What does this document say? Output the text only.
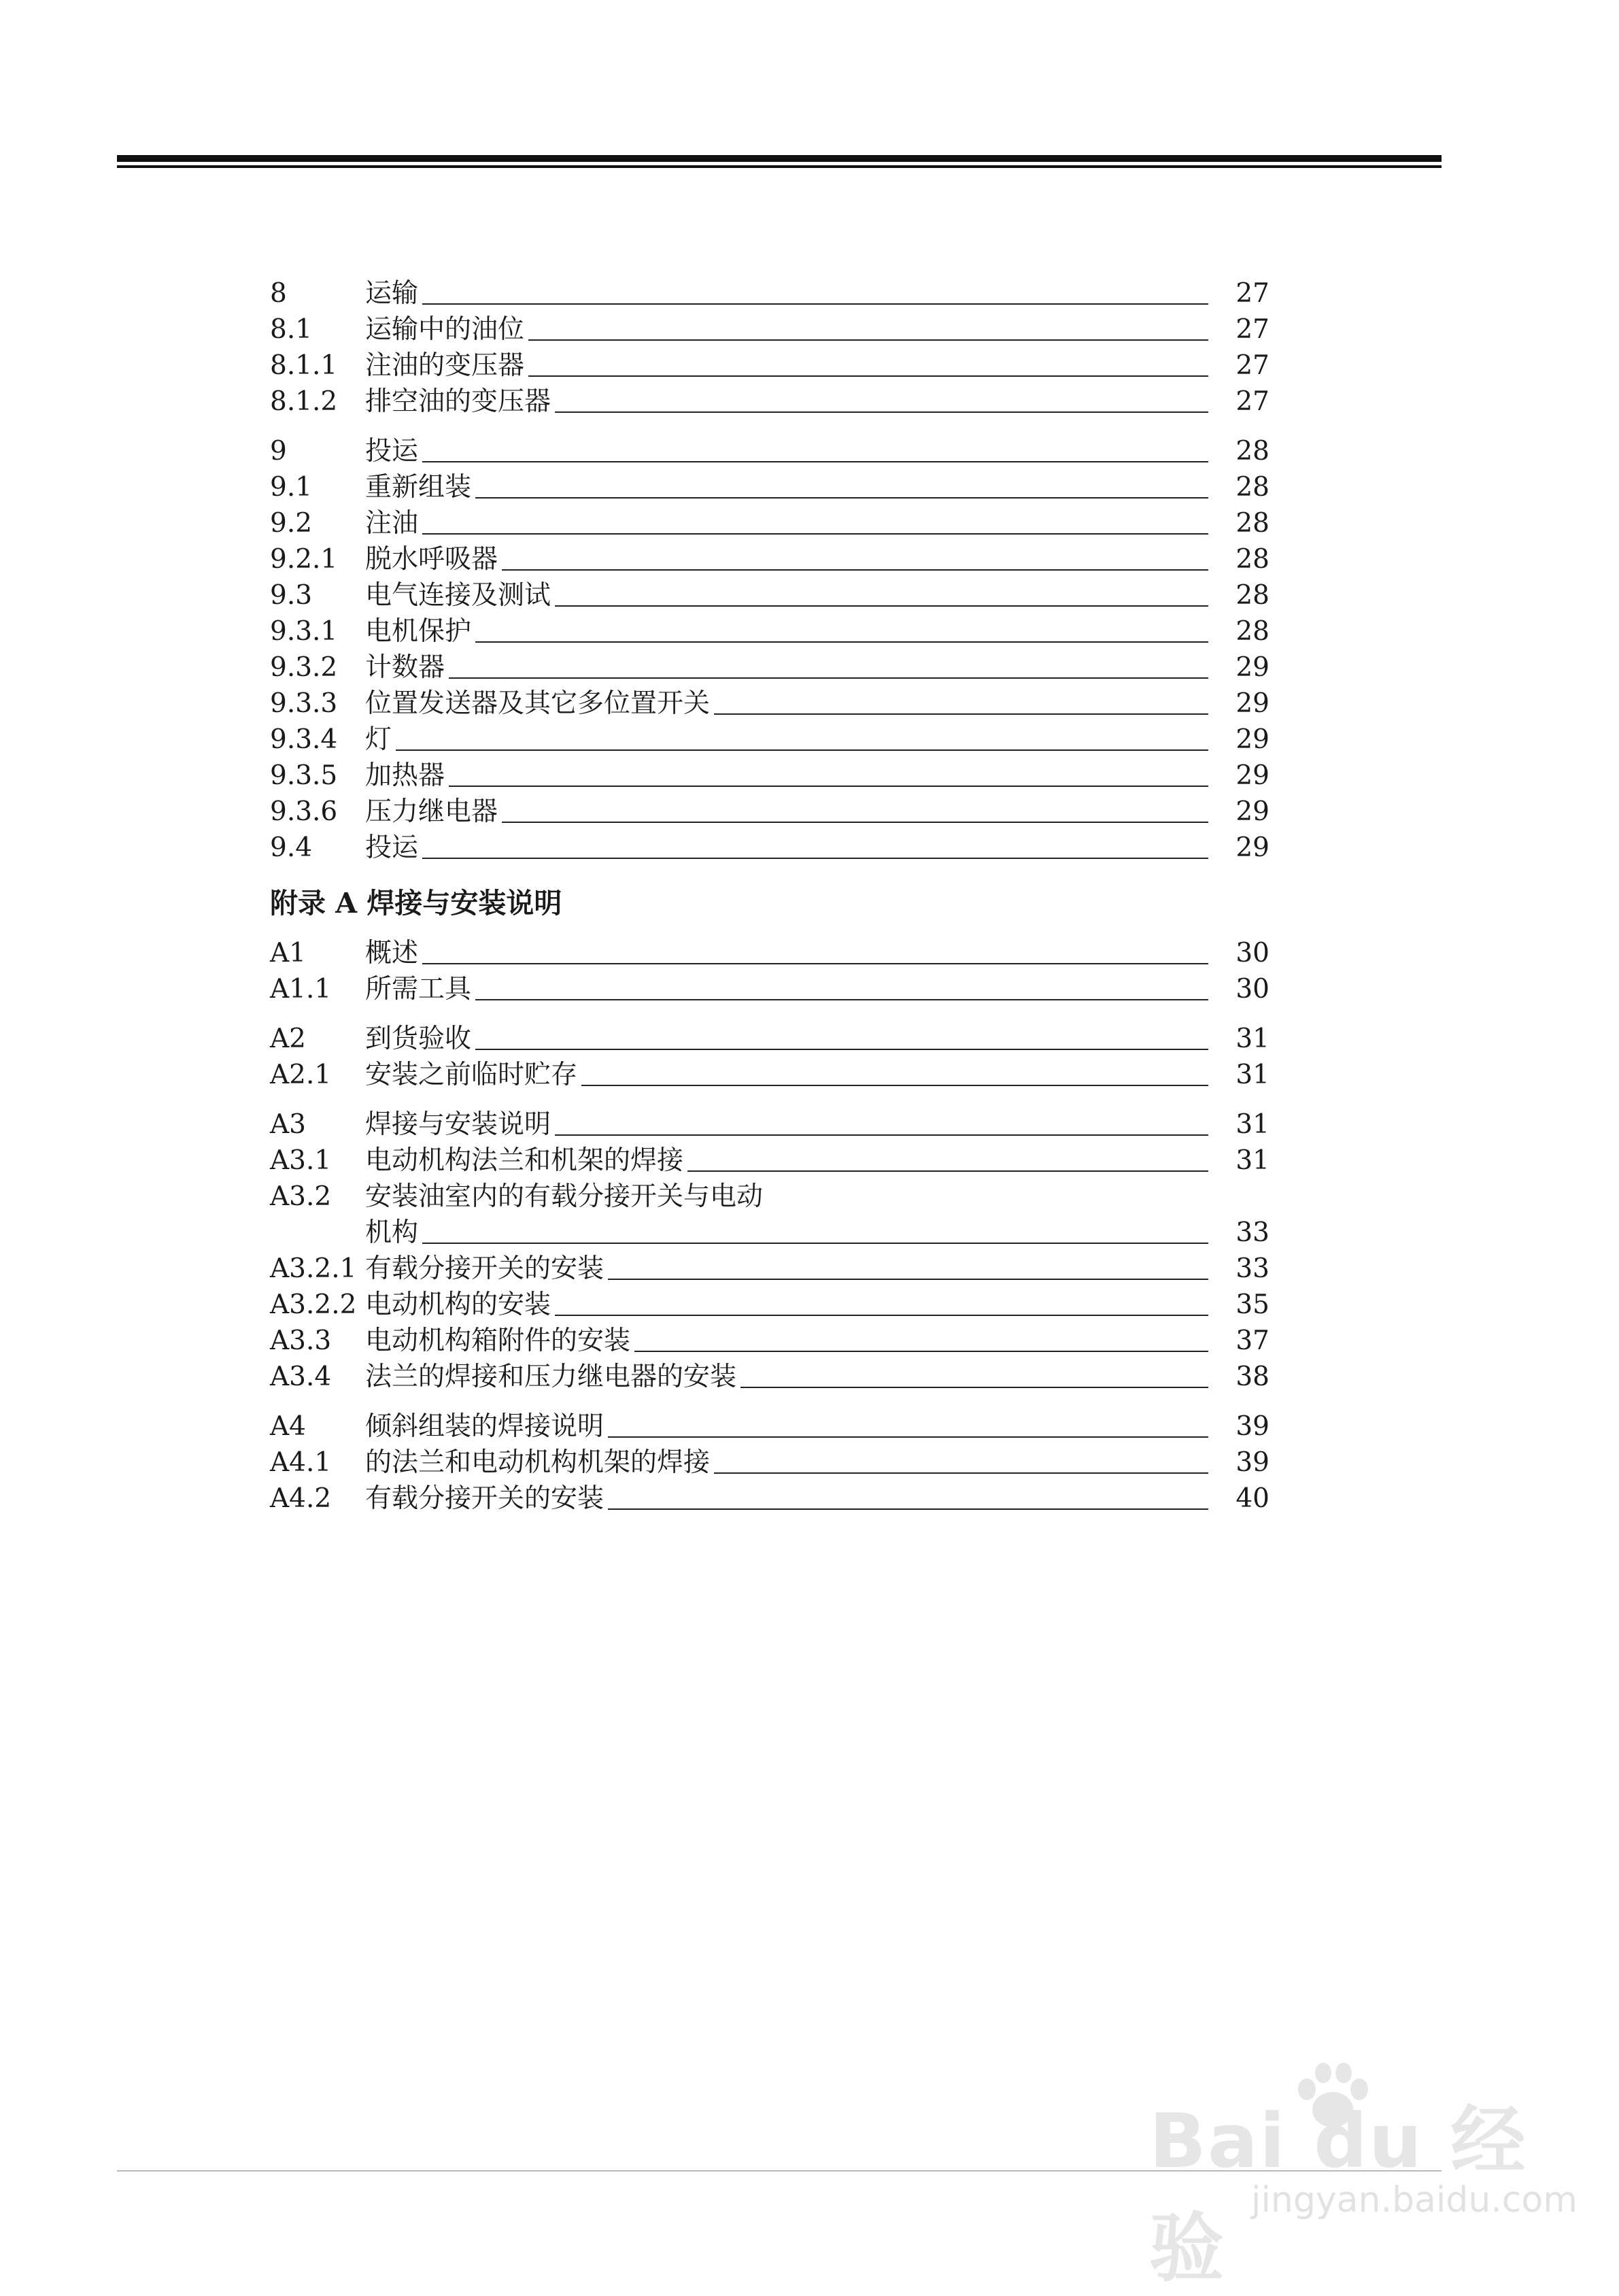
8	运输	27
8.1	运输中的油位	27
8.1.1	注油的变压器	27
8.1.2	排空油的变压器	27
9	投运	28
9.1	重新组装	28
9.2	注油	28
9.2.1	脱水呼吸器	28
9.3	电气连接及测试	28
9.3.1	电机保护	28
9.3.2	计数器	29
9.3.3	位置发送器及其它多位置开关	29
9.3.4	灯	29
9.3.5	加热器	29
9.3.6	压力继电器	29
9.4	投运	29
附录 A 焊接与安装说明
A1	概述	30
A1.1	所需工具	30
A2	到货验收	31
A2.1	安装之前临时贮存	31
A3	焊接与安装说明	31
A3.1	电动机构法兰和机架的焊接	31
A3.2	安装油室内的有载分接开关与电动
机构	33
A3.2.1 有载分接开关的安装	33
A3.2.2 电动机构的安装	35
A3.3	电动机构箱附件的安装	37
A3.4	法兰的焊接和压力继电器的安装	38
A4	倾斜组装的焊接说明	39
A4.1	的法兰和电动机构机架的焊接	39
A4.2	有载分接开关的安装	40
Bai du 经验
jingyan.baidu.com
